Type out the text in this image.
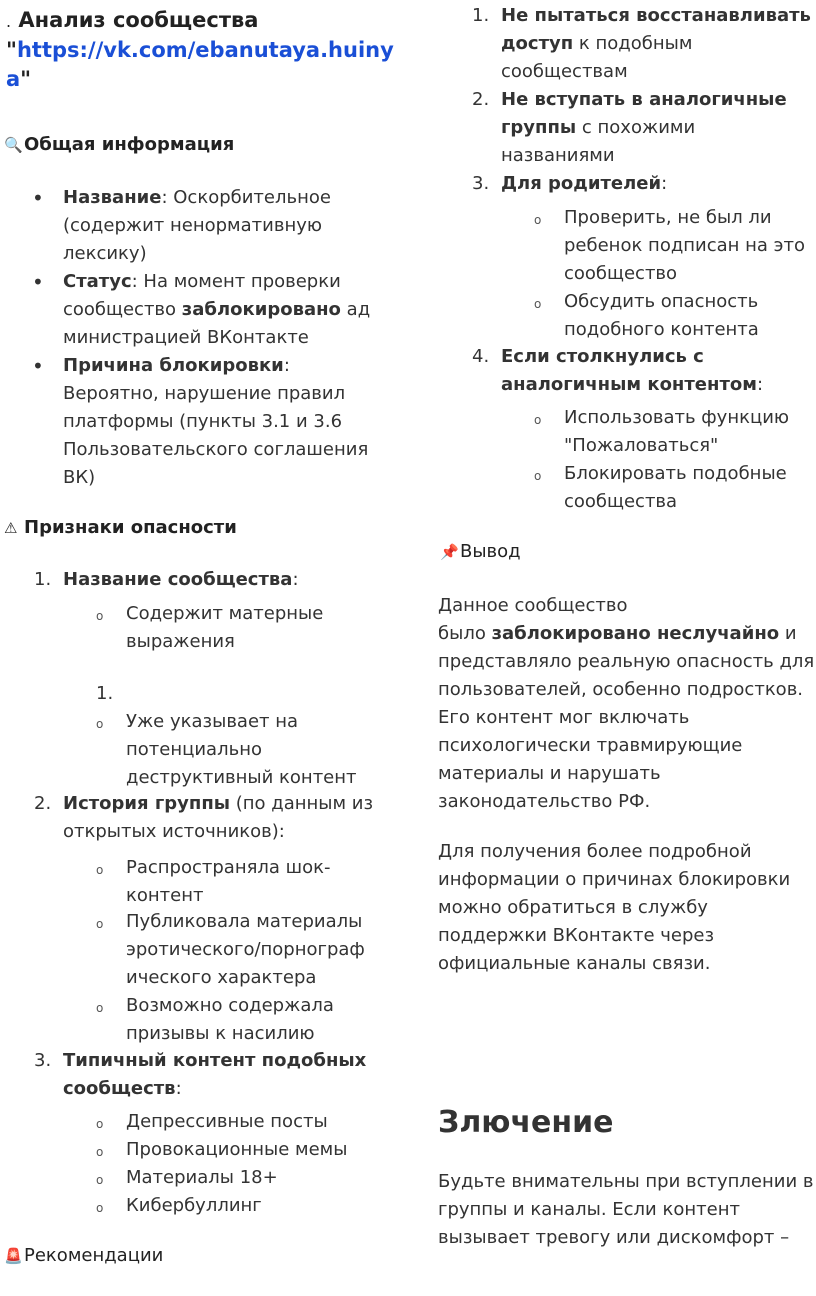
. Анализ сообщества
"https://vk.com/ebanutaya.huiny
a"
🔍Общая информация
• Название: Оскорбительное
(содержит ненормативную
лексику)
• Статус: На момент проверки
сообщество заблокировано ад
министрацией ВКонтакте
• Причина блокировки:
Вероятно, нарушение правил
платформы (пункты 3.1 и 3.6
Пользовательского соглашения
ВК)
⚠ Признаки опасности
1. Название сообщества:
o Содержит матерные
выражения
1.
o Уже указывает на
потенциально
деструктивный контент
2. История группы (по данным из
открытых источников):
o Распространяла шок-
контент
o Публиковала материалы
эротического/порнограф
ического характера
o Возможно содержала
призывы к насилию
3. Типичный контент подобных
сообществ:
o Депрессивные посты
o Провокационные мемы
o Материалы 18+
o Кибербуллинг
🚨Рекомендации
1. Не пытаться восстанавливать
доступ к подобным
сообществам
2. Не вступать в аналогичные
группы с похожими
названиями
3. Для родителей:
o Проверить, не был ли
ребенок подписан на это
сообщество
o Обсудить опасность
подобного контента
4. Если столкнулись с
аналогичным контентом:
o Использовать функцию
"Пожаловаться"
o Блокировать подобные
сообщества
📌Вывод
Данное сообщество
было заблокировано неслучайно и
представляло реальную опасность для
пользователей, особенно подростков.
Его контент мог включать
психологически травмирующие
материалы и нарушать
законодательство РФ.
Для получения более подробной
информации о причинах блокировки
можно обратиться в службу
поддержки ВКонтакте через
официальные каналы связи.
Злючение
Будьте внимательны при вступлении в
группы и каналы. Если контент
вызывает тревогу или дискомфорт –
